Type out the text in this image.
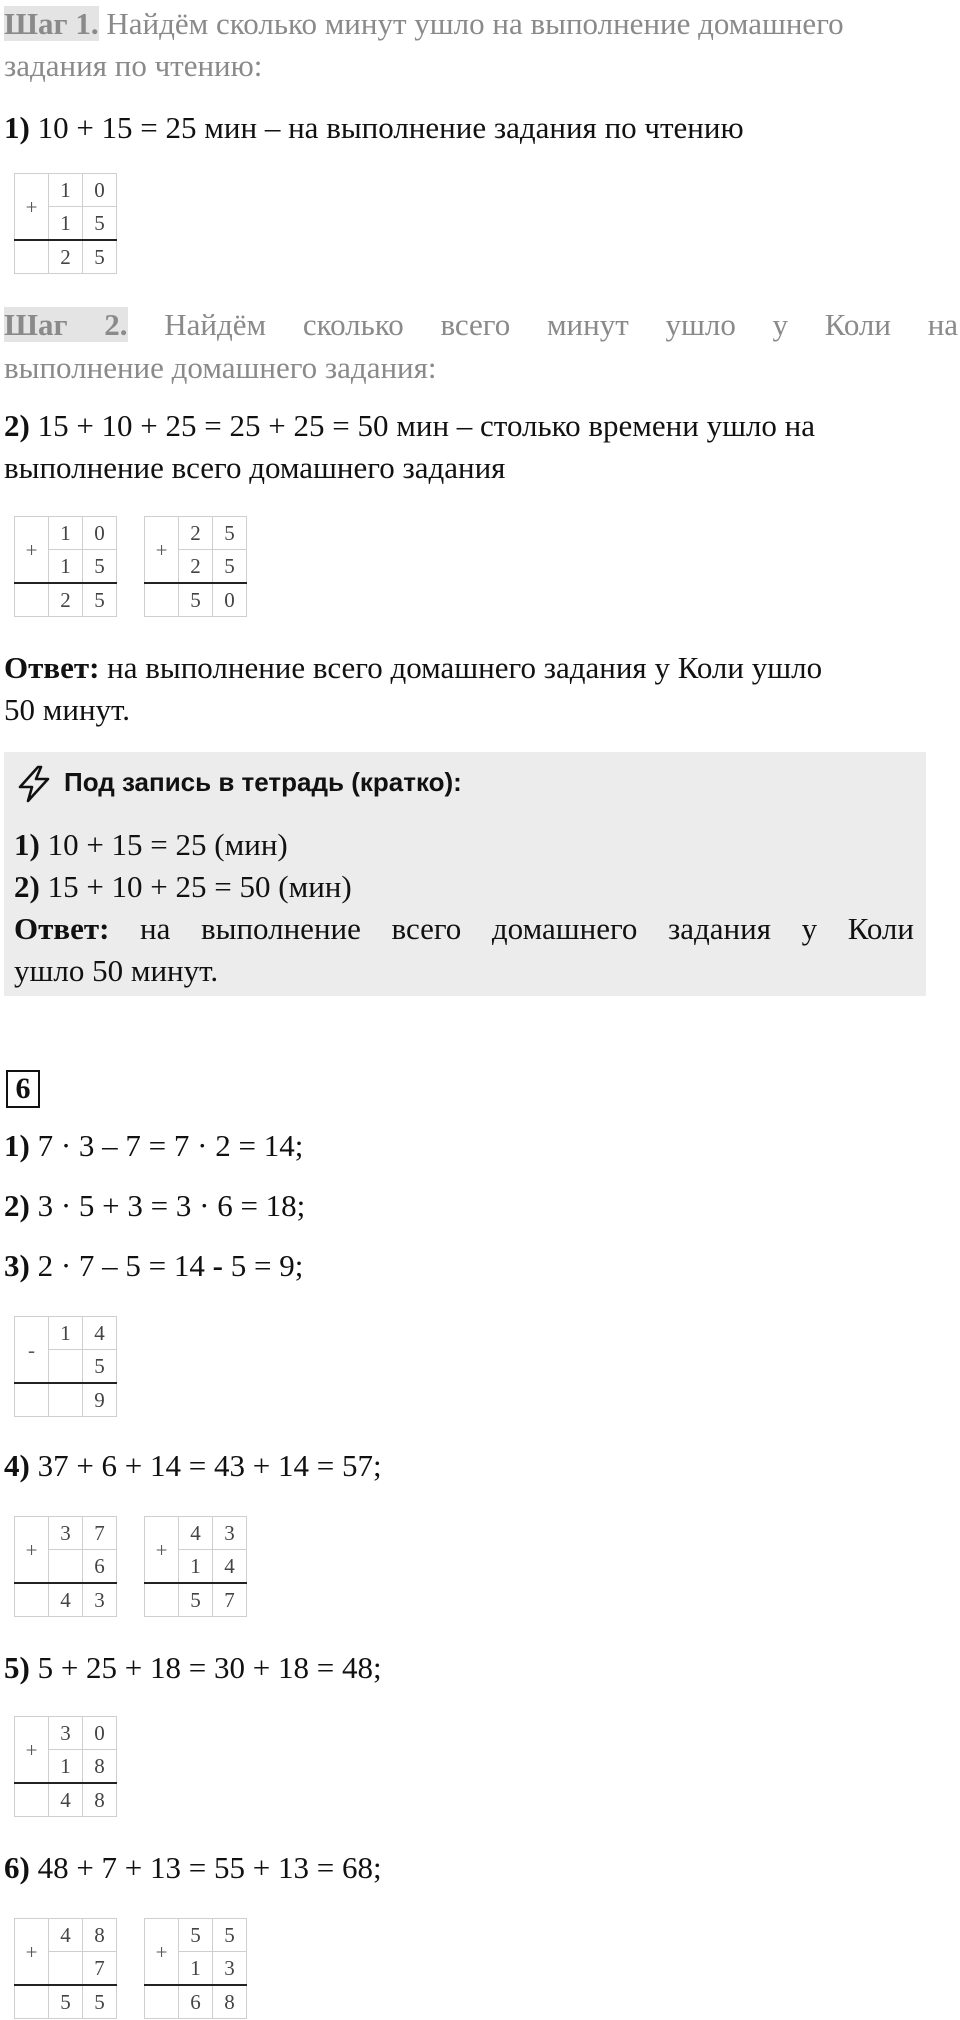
Шаг 1. Найдём сколько минут ушло на выполнение домашнего
задания по чтению:
1) 10 + 15 = 25 мин – на выполнение задания по чтению
+	1	0
	1	5
	2	5
Шаг 2. Найдём сколько всего минут ушло у Коли на
выполнение домашнего задания:
2) 15 + 10 + 25 = 25 + 25 = 50 мин – столько времени ушло на
выполнение всего домашнего задания
+	1	0
	1	5
	2	5
+	2	5
	2	5
	5	0
Ответ: на выполнение всего домашнего задания у Коли ушло
50 минут.
Под запись в тетрадь (кратко):
1) 10 + 15 = 25 (мин)
2) 15 + 10 + 25 = 50 (мин)
Ответ: на выполнение всего домашнего задания у Коли
ушло 50 минут.
6
1) 7 · 3 – 7 = 7 · 2 = 14;
2) 3 · 5 + 3 = 3 · 6 = 18;
3) 2 · 7 – 5 = 14 - 5 = 9;
-	1	4
		5
		9
4) 37 + 6 + 14 = 43 + 14 = 57;
+	3	7
		6
	4	3
+	4	3
	1	4
	5	7
5) 5 + 25 + 18 = 30 + 18 = 48;
+	3	0
	1	8
	4	8
6) 48 + 7 + 13 = 55 + 13 = 68;
+	4	8
		7
	5	5
+	5	5
	1	3
	6	8
